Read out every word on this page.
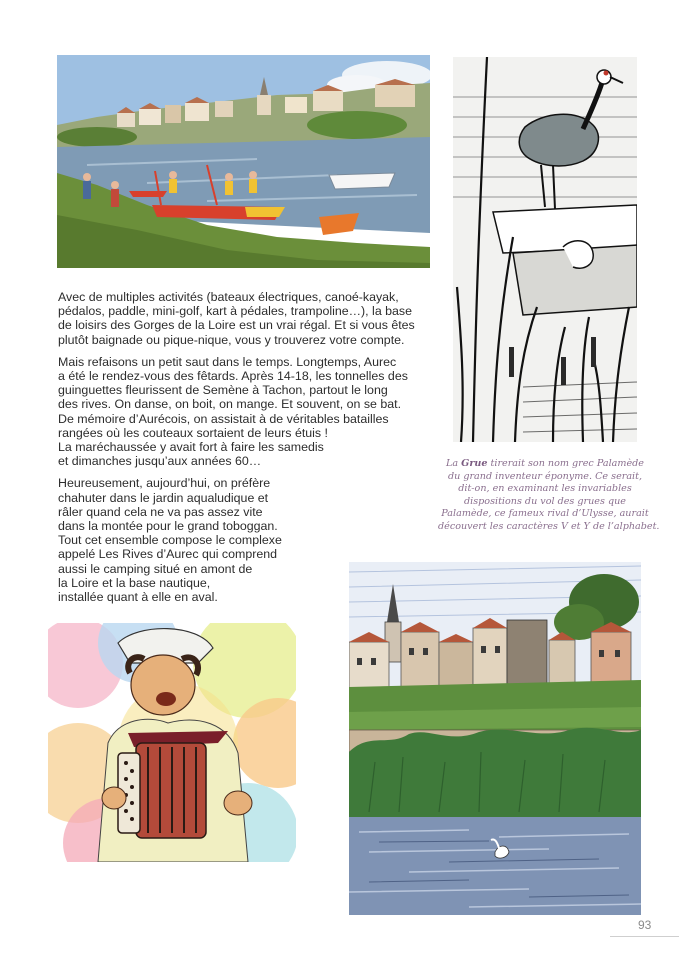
Avec de multiples activités (bateaux électriques, canoé-kayak,
pédalos, paddle, mini-golf, kart à pédales, trampoline…), la base
de loisirs des Gorges de la Loire est un vrai régal. Et si vous êtes
plutôt baignade ou pique-nique, vous y trouverez votre compte.

Mais refaisons un petit saut dans le temps. Longtemps, Aurec
a été le rendez-vous des fêtards. Après 14-18, les tonnelles des
guinguettes fleurissent de Semène à Tachon, partout le long
des rives. On danse, on boit, on mange. Et souvent, on se bat.
De mémoire d’Aurécois, on assistait à de véritables batailles
rangées où les couteaux sortaient de leurs étuis !
La maréchaussée y avait fort à faire les samedis
et dimanches jusqu’aux années 60…

Heureusement, aujourd’hui, on préfère
chahuter dans le jardin aqualudique et
râler quand cela ne va pas assez vite
dans la montée pour le grand toboggan.
Tout cet ensemble compose le complexe
appelé Les Rives d’Aurec qui comprend
aussi le camping situé en amont de
la Loire et la base nautique,
installée quant à elle en aval.

La Grue tirerait son nom grec Palamède
du grand inventeur éponyme. Ce serait,
dit-on, en examinant les invariables
dispositions du vol des grues que
Palamède, ce fameux rival d’Ulysse, aurait
découvert les caractères V et Y de l’alphabet.
93
